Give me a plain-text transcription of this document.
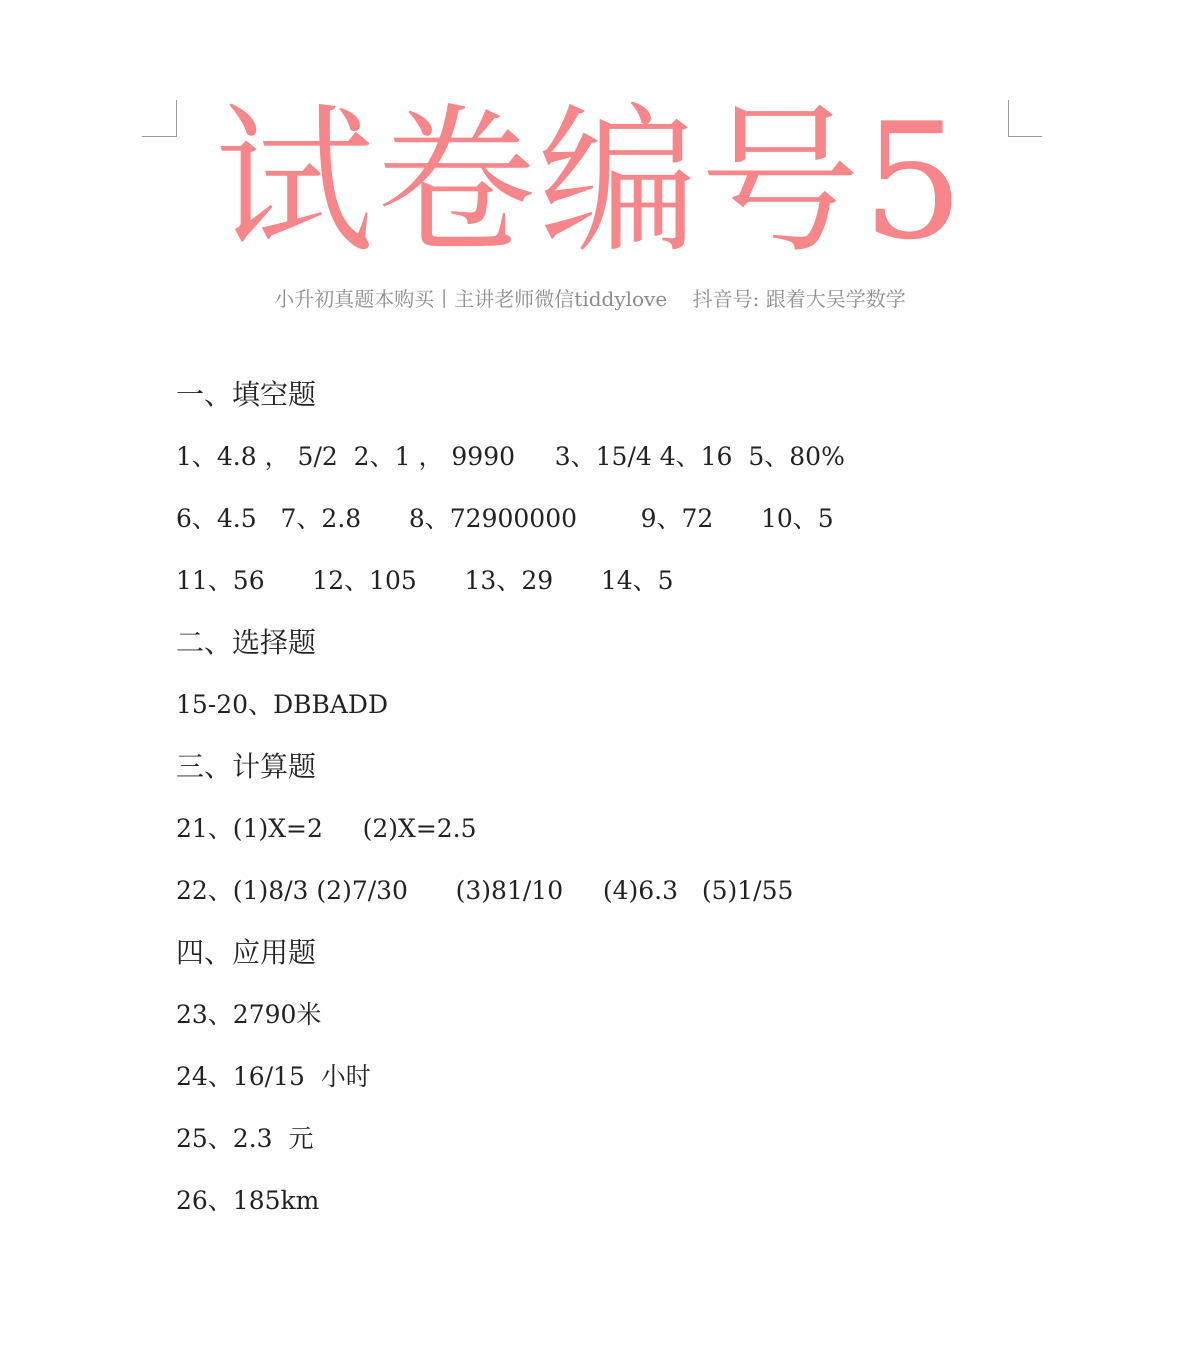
试卷编号5
小升初真题本购买丨主讲老师微信tiddylove    抖音号: 跟着大吴学数学
一、填空题
1、4.8 ， 5/2  2、1 ， 9990     3、15/4 4、16  5、80%
6、4.5   7、2.8      8、72900000        9、72      10、5
11、56      12、105      13、29      14、5
二、选择题
15-20、DBBADD
三、计算题
21、(1)X=2     (2)X=2.5
22、(1)8/3 (2)7/30      (3)81/10     (4)6.3   (5)1/55
四、应用题
23、2790米
24、16/15  小时
25、2.3  元
26、185km
